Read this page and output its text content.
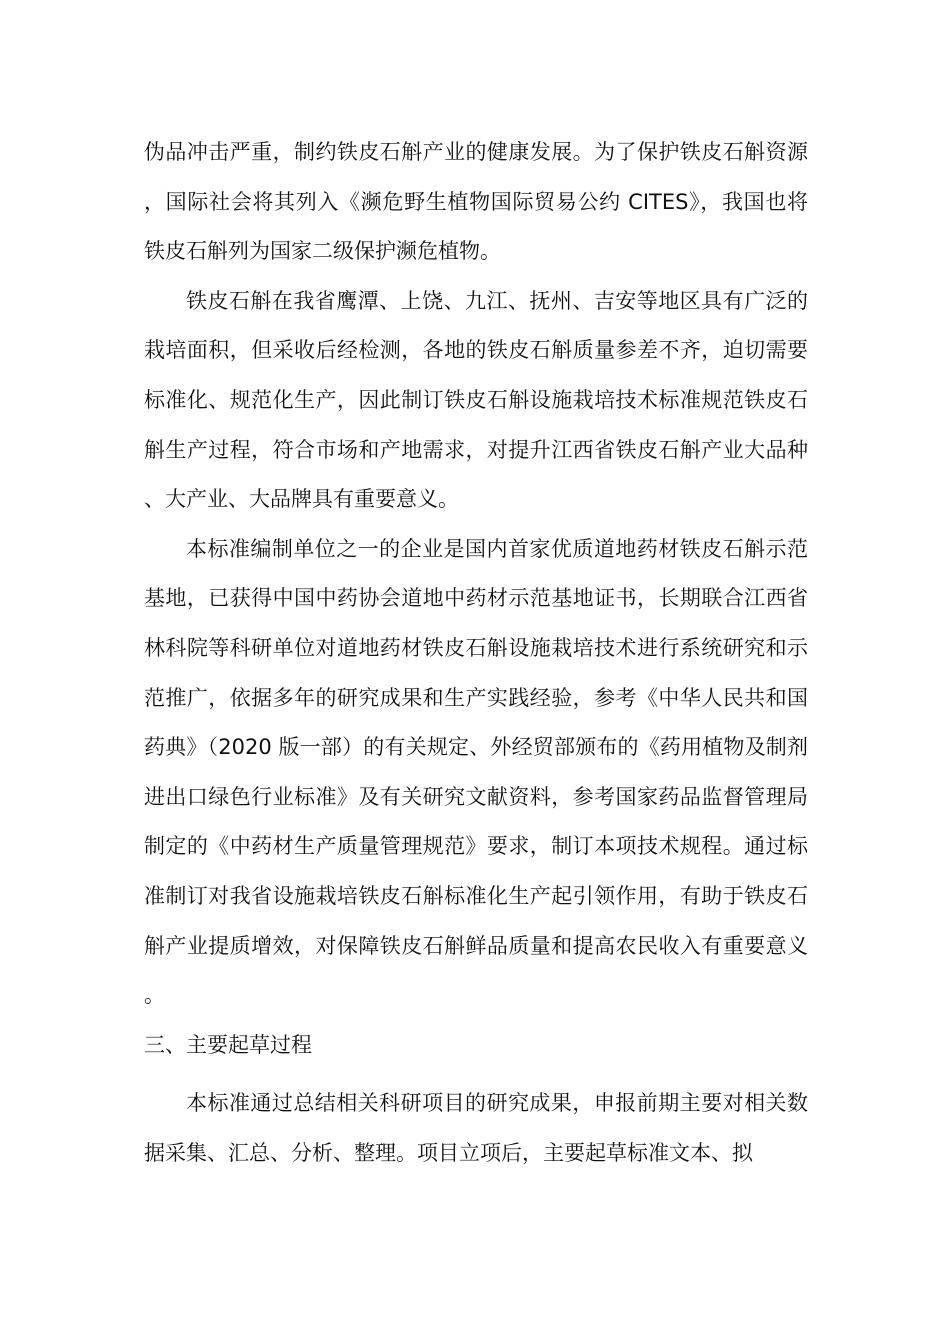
伪品冲击严重，制约铁皮石斛产业的健康发展。为了保护铁皮石斛资源，国际社会将其列入《濒危野生植物国际贸易公约 CITES》，我国也将铁皮石斛列为国家二级保护濒危植物。

铁皮石斛在我省鹰潭、上饶、九江、抚州、吉安等地区具有广泛的栽培面积，但采收后经检测，各地的铁皮石斛质量参差不齐，迫切需要标准化、规范化生产，因此制订铁皮石斛设施栽培技术标准规范铁皮石斛生产过程，符合市场和产地需求，对提升江西省铁皮石斛产业大品种、大产业、大品牌具有重要意义。

本标准编制单位之一的企业是国内首家优质道地药材铁皮石斛示范基地，已获得中国中药协会道地中药材示范基地证书，长期联合江西省林科院等科研单位对道地药材铁皮石斛设施栽培技术进行系统研究和示范推广，依据多年的研究成果和生产实践经验，参考《中华人民共和国药典》（2020 版一部）的有关规定、外经贸部颁布的《药用植物及制剂进出口绿色行业标准》及有关研究文献资料，参考国家药品监督管理局制定的《中药材生产质量管理规范》要求，制订本项技术规程。通过标准制订对我省设施栽培铁皮石斛标准化生产起引领作用，有助于铁皮石斛产业提质增效，对保障铁皮石斛鲜品质量和提高农民收入有重要意义。

三、主要起草过程

本标准通过总结相关科研项目的研究成果，申报前期主要对相关数据采集、汇总、分析、整理。项目立项后，主要起草标准文本、拟
